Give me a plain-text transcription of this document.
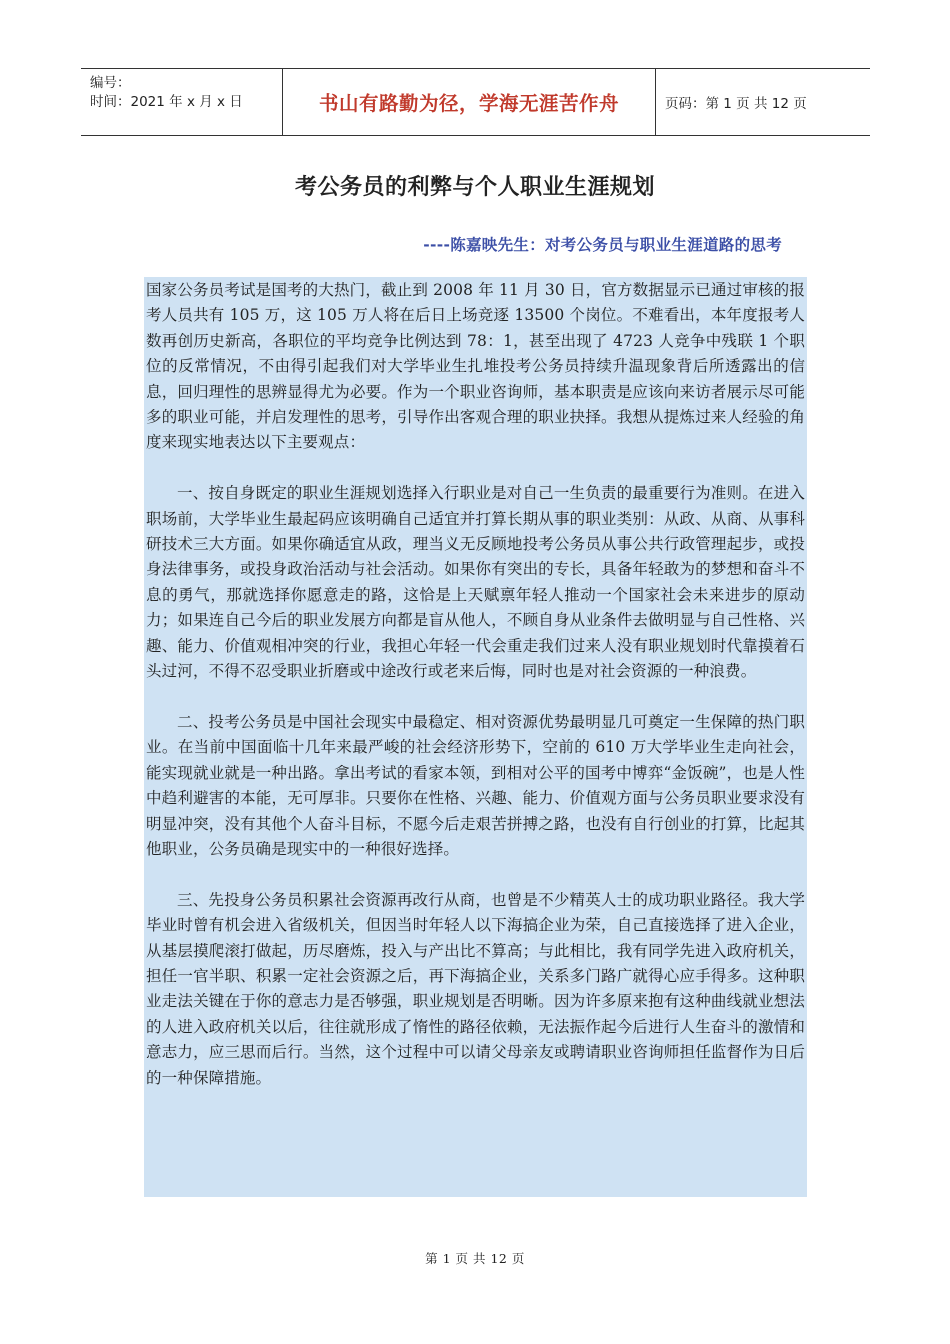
编号：
时间：2021 年 x 月 x 日	书山有路勤为径，学海无涯苦作舟	页码：第 1 页 共 12 页
考公务员的利弊与个人职业生涯规划
----陈嘉映先生：对考公务员与职业生涯道路的思考

国家公务员考试是国考的大热门，截止到 2008 年 11 月 30 日，官方数据显示已通过审核的报考人员共有 105 万，这 105 万人将在后日上场竞逐 13500 个岗位。不难看出，本年度报考人数再创历史新高，各职位的平均竞争比例达到 78：1，甚至出现了 4723 人竞争中残联 1 个职位的反常情况，不由得引起我们对大学毕业生扎堆投考公务员持续升温现象背后所透露出的信息，回归理性的思辨显得尤为必要。作为一个职业咨询师，基本职责是应该向来访者展示尽可能多的职业可能，并启发理性的思考，引导作出客观合理的职业抉择。我想从提炼过来人经验的角度来现实地表达以下主要观点：

一、按自身既定的职业生涯规划选择入行职业是对自己一生负责的最重要行为准则。在进入职场前，大学毕业生最起码应该明确自己适宜并打算长期从事的职业类别：从政、从商、从事科研技术三大方面。如果你确适宜从政，理当义无反顾地投考公务员从事公共行政管理起步，或投身法律事务，或投身政治活动与社会活动。如果你有突出的专长，具备年轻敢为的梦想和奋斗不息的勇气，那就选择你愿意走的路，这恰是上天赋禀年轻人推动一个国家社会未来进步的原动力；如果连自己今后的职业发展方向都是盲从他人，不顾自身从业条件去做明显与自己性格、兴趣、能力、价值观相冲突的行业，我担心年轻一代会重走我们过来人没有职业规划时代靠摸着石头过河，不得不忍受职业折磨或中途改行或老来后悔，同时也是对社会资源的一种浪费。

二、投考公务员是中国社会现实中最稳定、相对资源优势最明显几可奠定一生保障的热门职业。在当前中国面临十几年来最严峻的社会经济形势下，空前的 610 万大学毕业生走向社会，能实现就业就是一种出路。拿出考试的看家本领，到相对公平的国考中博弈“金饭碗”，也是人性中趋利避害的本能，无可厚非。只要你在性格、兴趣、能力、价值观方面与公务员职业要求没有明显冲突，没有其他个人奋斗目标，不愿今后走艰苦拼搏之路，也没有自行创业的打算，比起其他职业，公务员确是现实中的一种很好选择。

三、先投身公务员积累社会资源再改行从商，也曾是不少精英人士的成功职业路径。我大学毕业时曾有机会进入省级机关，但因当时年轻人以下海搞企业为荣，自己直接选择了进入企业，从基层摸爬滚打做起，历尽磨炼，投入与产出比不算高；与此相比，我有同学先进入政府机关，担任一官半职、积累一定社会资源之后，再下海搞企业，关系多门路广就得心应手得多。这种职业走法关键在于你的意志力是否够强，职业规划是否明晰。因为许多原来抱有这种曲线就业想法的人进入政府机关以后，往往就形成了惰性的路径依赖，无法振作起今后进行人生奋斗的激情和意志力，应三思而后行。当然，这个过程中可以请父母亲友或聘请职业咨询师担任监督作为日后的一种保障措施。

第 1 页 共 12 页
